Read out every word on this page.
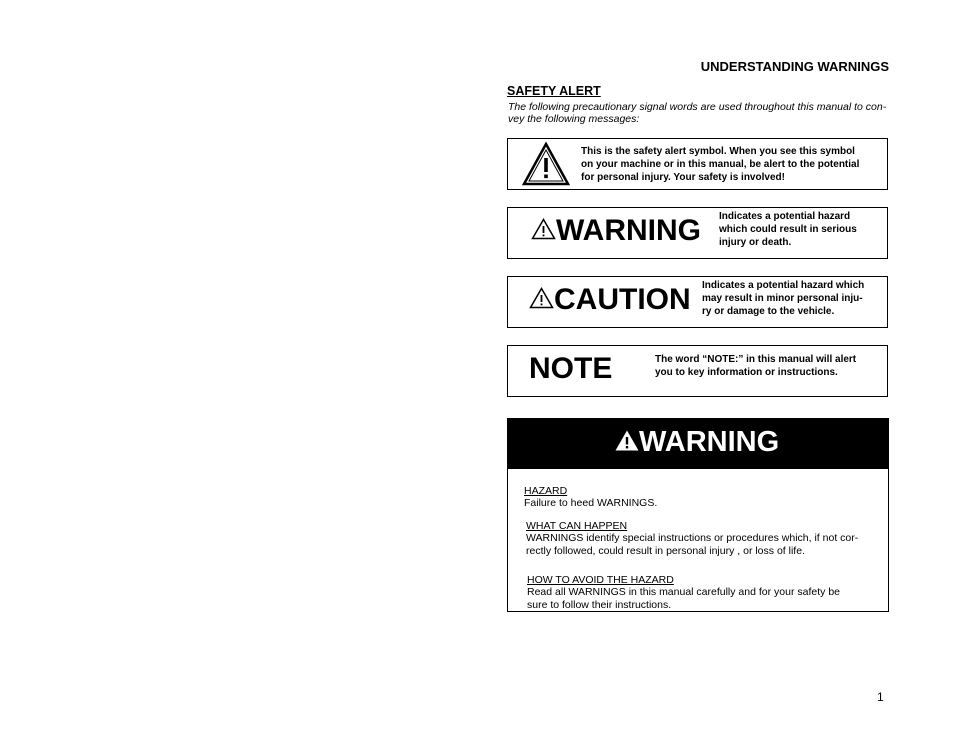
UNDERSTANDING WARNINGS
SAFETY ALERT
The following precautionary signal words are used throughout this manual to con-
vey the following messages:
This is the safety alert symbol. When you see this symbol
on your machine or in this manual, be alert to the potential
for personal injury. Your safety is involved!
WARNING Indicates a potential hazard
which could result in serious
injury or death.
CAUTION Indicates a potential hazard which
may result in minor personal inju-
ry or damage to the vehicle.
NOTE	The word “NOTE:” in this manual will alert
you to key information or instructions.
WARNING
HAZARD
Failure to heed WARNINGS.
WHAT CAN HAPPEN
WARNINGS identify special instructions or procedures which, if not cor-
rectly followed, could result in personal injury , or loss of life.
HOW TO AVOID THE HAZARD
Read all WARNINGS in this manual carefully and for your safety be
sure to follow their instructions.
1
